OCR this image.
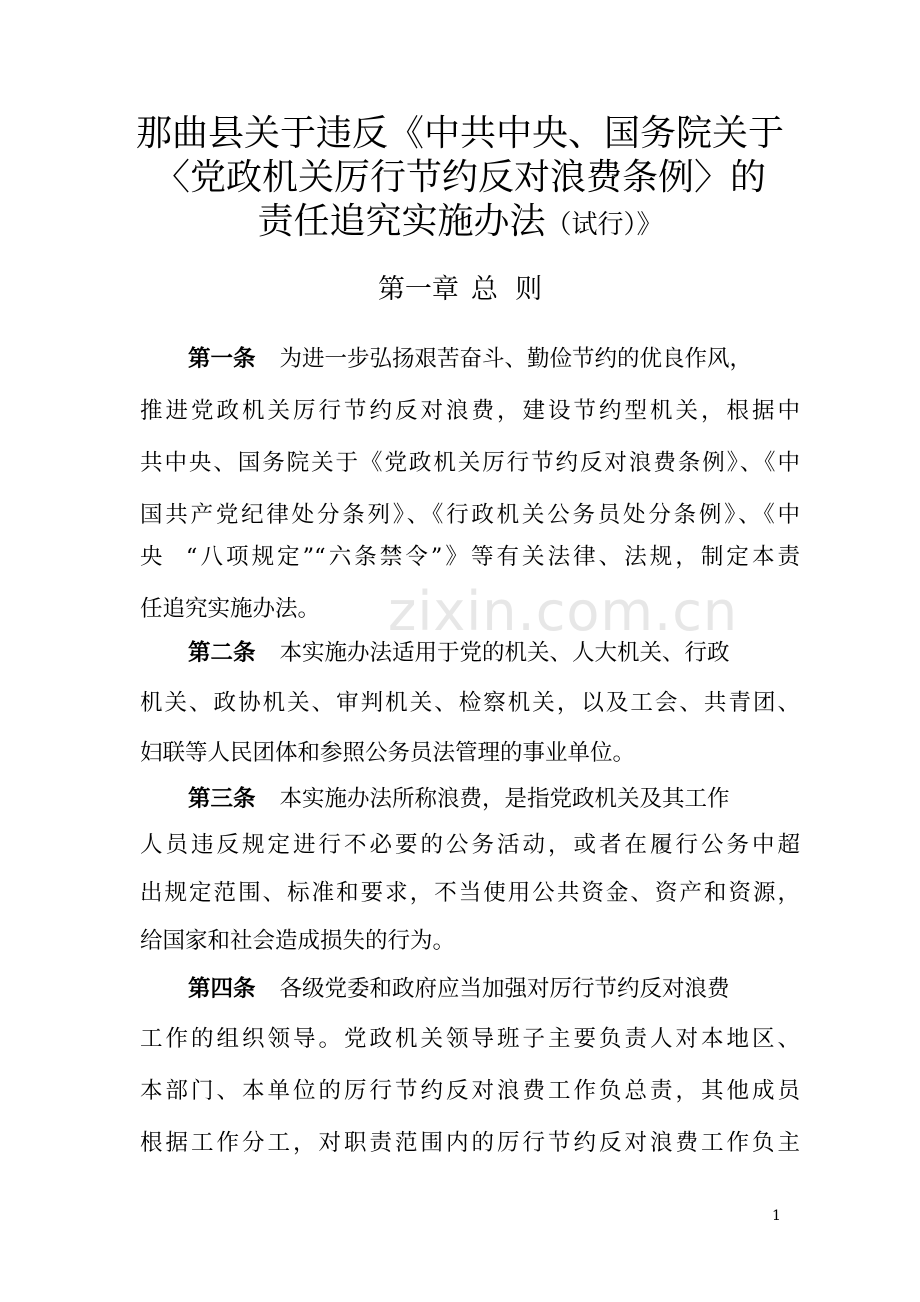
那曲县关于违反《中共中央、国务院关于
〈党政机关厉行节约反对浪费条例〉的
责任追究实施办法（试行）》
第一章 总  则
第一条 为进一步弘扬艰苦奋斗、勤俭节约的优良作风，
推进党政机关厉行节约反对浪费，建设节约型机关，根据中
共中央、国务院关于《党政机关厉行节约反对浪费条例》、《中
国共产党纪律处分条列》、《行政机关公务员处分条例》、《中
央  “八项规定”“六条禁令”》等有关法律、法规，制定本责
任追究实施办法。
第二条 本实施办法适用于党的机关、人大机关、行政
机关、政协机关、审判机关、检察机关，以及工会、共青团、
妇联等人民团体和参照公务员法管理的事业单位。
第三条 本实施办法所称浪费，是指党政机关及其工作
人员违反规定进行不必要的公务活动，或者在履行公务中超
出规定范围、标准和要求，不当使用公共资金、资产和资源，
给国家和社会造成损失的行为。
第四条 各级党委和政府应当加强对厉行节约反对浪费
工作的组织领导。党政机关领导班子主要负责人对本地区、
本部门、本单位的厉行节约反对浪费工作负总责，其他成员
根据工作分工，对职责范围内的厉行节约反对浪费工作负主
zixin.com.cn
1
